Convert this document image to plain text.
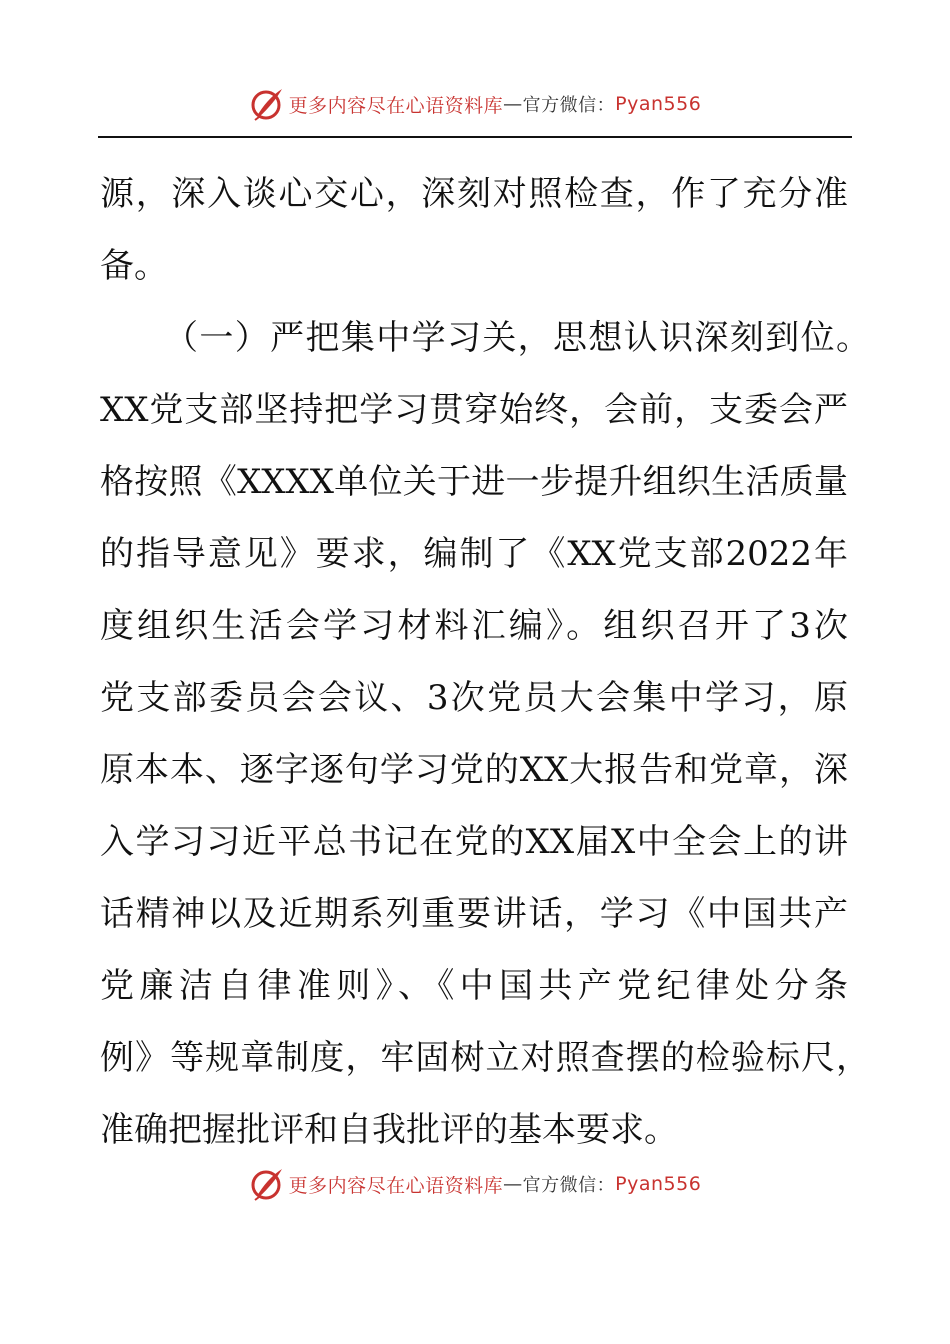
更多内容尽在心语资料库 — 官方微信： Pyan556
源，深入谈心交心，深刻对照检查，作了充分准
备。
（一）严把集中学习关，思想认识深刻到位。
XX党支部坚持把学习贯穿始终，会前，支委会严
格按照《XXXX单位关于进一步提升组织生活质量
的指导意见》要求，编制了《XX党支部2022年
度组织生活会学习材料汇编》。组织召开了3次
党支部委员会会议、3次党员大会集中学习，原
原本本、逐字逐句学习党的XX大报告和党章，深
入学习习近平总书记在党的XX届X中全会上的讲
话精神以及近期系列重要讲话，学习《中国共产
党廉洁自律准则》、《中国共产党纪律处分条
例》等规章制度，牢固树立对照查摆的检验标尺，
准确把握批评和自我批评的基本要求。
更多内容尽在心语资料库 — 官方微信： Pyan556
